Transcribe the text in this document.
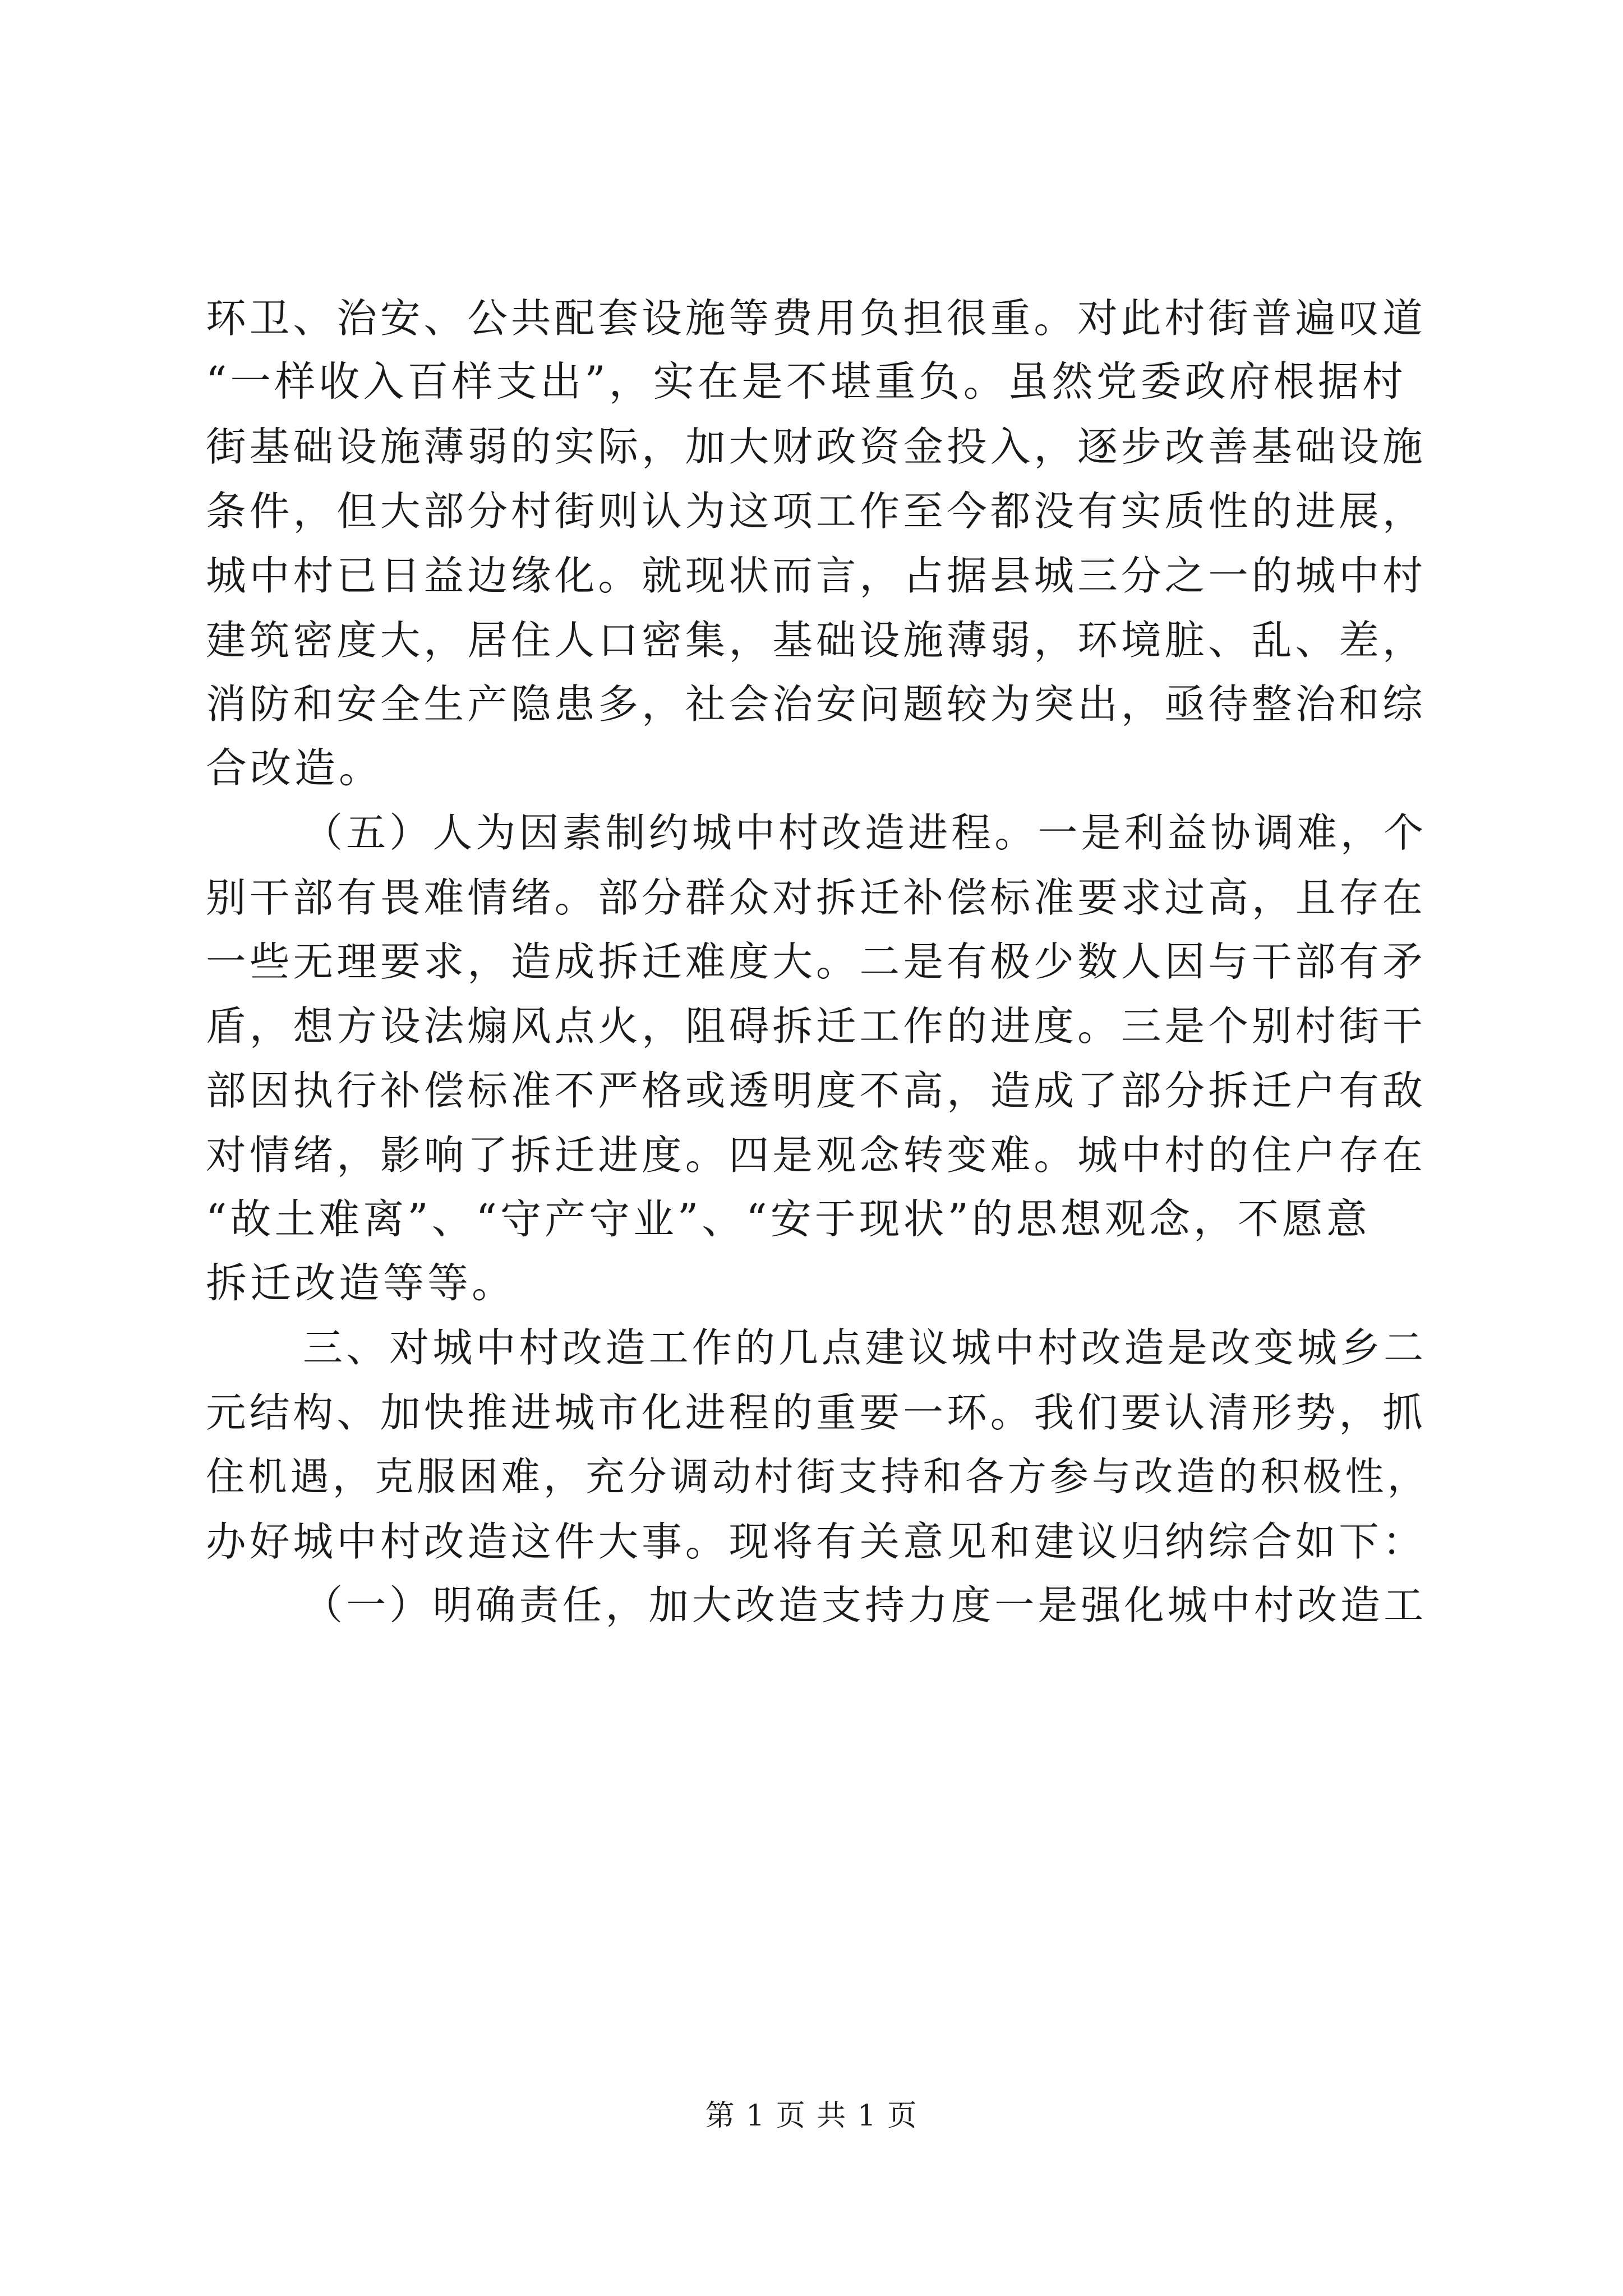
环卫、治安、公共配套设施等费用负担很重。对此村街普遍叹道
“一样收入百样支出”，实在是不堪重负。虽然党委政府根据村
街基础设施薄弱的实际，加大财政资金投入，逐步改善基础设施
条件，但大部分村街则认为这项工作至今都没有实质性的进展，
城中村已日益边缘化。就现状而言，占据县城三分之一的城中村
建筑密度大，居住人口密集，基础设施薄弱，环境脏、乱、差，
消防和安全生产隐患多，社会治安问题较为突出，亟待整治和综
合改造。
（五）人为因素制约城中村改造进程。一是利益协调难，个
别干部有畏难情绪。部分群众对拆迁补偿标准要求过高，且存在
一些无理要求，造成拆迁难度大。二是有极少数人因与干部有矛
盾，想方设法煽风点火，阻碍拆迁工作的进度。三是个别村街干
部因执行补偿标准不严格或透明度不高，造成了部分拆迁户有敌
对情绪，影响了拆迁进度。四是观念转变难。城中村的住户存在
“故土难离”、“守产守业”、“安于现状”的思想观念，不愿意
拆迁改造等等。
三、对城中村改造工作的几点建议城中村改造是改变城乡二
元结构、加快推进城市化进程的重要一环。我们要认清形势，抓
住机遇，克服困难，充分调动村街支持和各方参与改造的积极性，
办好城中村改造这件大事。现将有关意见和建议归纳综合如下：
（一）明确责任，加大改造支持力度一是强化城中村改造工
第 1 页 共 1 页
